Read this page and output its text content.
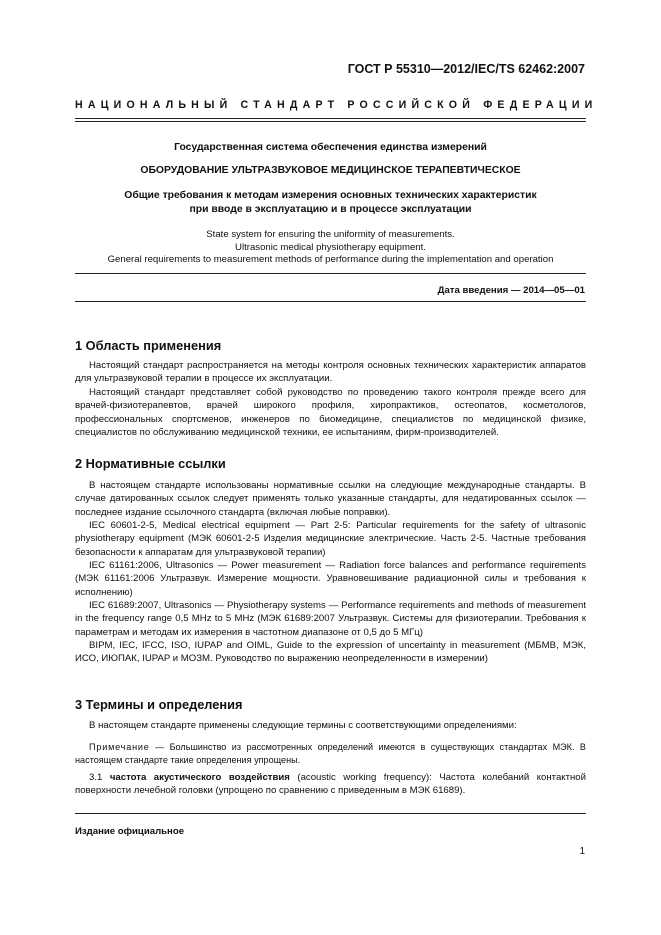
ГОСТ Р 55310—2012/IEC/TS 62462:2007
НАЦИОНАЛЬНЫЙ СТАНДАРТ РОССИЙСКОЙ ФЕДЕРАЦИИ
Государственная система обеспечения единства измерений
ОБОРУДОВАНИЕ УЛЬТРАЗВУКОВОЕ МЕДИЦИНСКОЕ ТЕРАПЕВТИЧЕСКОЕ
Общие требования к методам измерения основных технических характеристик
при вводе в эксплуатацию и в процессе эксплуатации
State system for ensuring the uniformity of measurements.
Ultrasonic medical physiotherapy equipment.
General requirements to measurement methods of performance during the implementation and operation
Дата введения — 2014—05—01
1 Область применения

Настоящий стандарт распространяется на методы контроля основных технических характеристик аппаратов для ультразвуковой терапии в процессе их эксплуатации.

Настоящий стандарт представляет собой руководство по проведению такого контроля прежде всего для врачей-физиотерапевтов, врачей широкого профиля, хиропрактиков, остеопатов, косметологов, профессиональных спортсменов, инженеров по биомедицине, специалистов по медицинской физике, специалистов по обслуживанию медицинской техники, ее испытаниям, фирм-производителей.

2 Нормативные ссылки

В настоящем стандарте использованы нормативные ссылки на следующие международные стандарты. В случае датированных ссылок следует применять только указанные стандарты, для недатированных ссылок — последнее издание ссылочного стандарта (включая любые поправки).

IEC 60601-2-5, Medical electrical equipment — Part 2-5: Particular requirements for the safety of ultrasonic physiotherapy equipment (МЭК 60601-2-5 Изделия медицинские электрические. Часть 2-5. Частные требования безопасности к аппаратам для ультразвуковой терапии)

IEC 61161:2006, Ultrasonics — Power measurement — Radiation force balances and performance requirements (МЭК 61161:2006 Ультразвук. Измерение мощности. Уравновешивание радиационной силы и требования к исполнению)

IEC 61689:2007, Ultrasonics — Physiotherapy systems — Performance requirements and methods of measurement in the frequency range 0,5 MHz to 5 MHz (МЭК 61689:2007 Ультразвук. Системы для физиотерапии. Требования к параметрам и методам их измерения в частотном диапазоне от 0,5 до 5 МГц)

BIPM, IEC, IFCC, ISO, IUPAP and OIML, Guide to the expression of uncertainty in measurement (МБМВ, МЭК, ИСО, ИЮПАК, IUPAP и МОЗМ. Руководство по выражению неопределенности в измерении)

3 Термины и определения

В настоящем стандарте применены следующие термины с соответствующими определениями:

Примечание — Большинство из рассмотренных определений имеются в существующих стандартах МЭК. В настоящем стандарте такие определения упрощены.

3.1 частота акустического воздействия (acoustic working frequency): Частота колебаний контактной поверхности лечебной головки (упрощено по сравнению с приведенным в МЭК 61689).

Издание официальное
1
